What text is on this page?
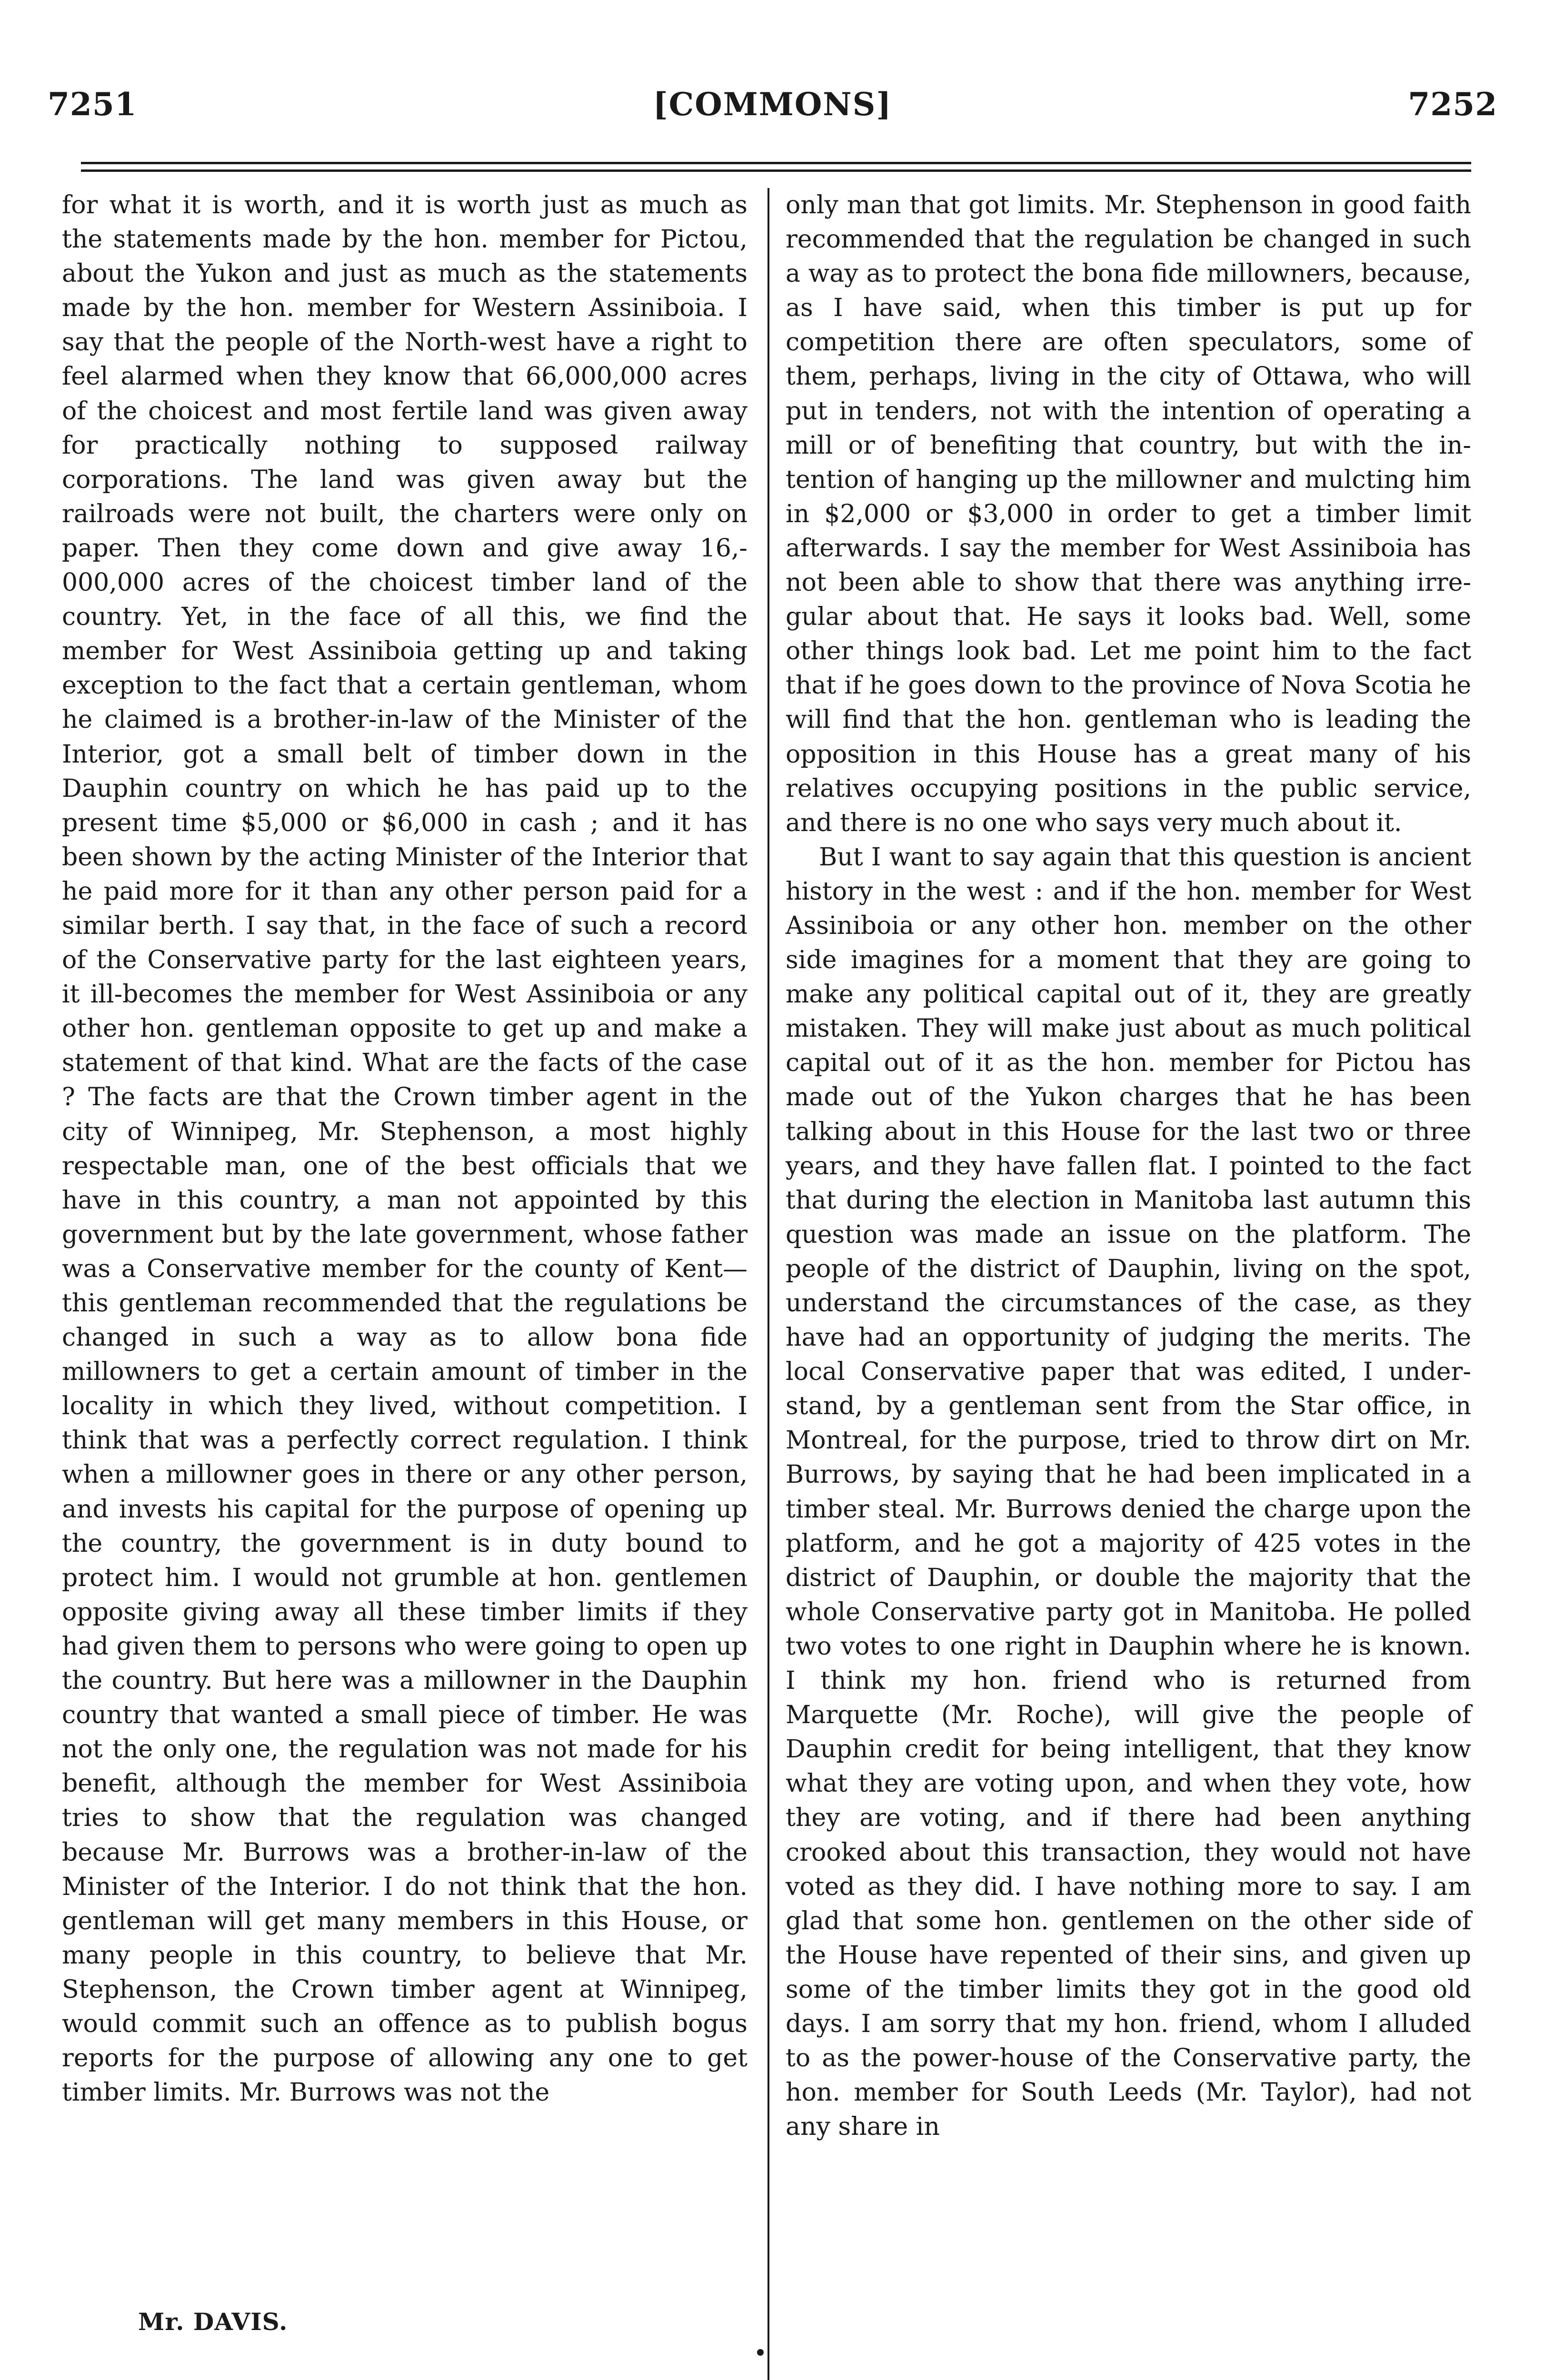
7251	[COMMONS]	7252

for what it is worth, and it is worth just as much as the statements made by the hon. member for Pictou, about the Yukon and just as much as the statements made by the hon. member for Western Assiniboia. I say that the people of the North-west have a right to feel alarmed when they know that 66,000,000 acres of the choicest and most fertile land was given away for practically nothing to supposed railway corporations. The land was given away but the railroads were not built, the charters were only on paper. Then they come down and give away 16,000,000 acres of the choicest timber land of the country. Yet, in the face of all this, we find the member for West Assiniboia getting up and taking exception to the fact that a certain gentleman, whom he claimed is a brother-in-law of the Minister of the Interior, got a small belt of timber down in the Dauphin country on which he has paid up to the present time $5,000 or $6,000 in cash ; and it has been shown by the acting Minister of the Interior that he paid more for it than any other person paid for a similar berth. I say that, in the face of such a record of the Conservative party for the last eighteen years, it ill-becomes the member for West Assiniboia or any other hon. gentleman opposite to get up and make a statement of that kind. What are the facts of the case ? The facts are that the Crown timber agent in the city of Winnipeg, Mr. Stephenson, a most highly respectable man, one of the best officials that we have in this country, a man not appointed by this government but by the late government, whose father was a Conservative member for the county of Kent—this gentleman recommended that the regulations be changed in such a way as to allow bona fide millowners to get a certain amount of timber in the locality in which they lived, without competition. I think that was a perfectly correct regulation. I think when a millowner goes in there or any other person, and invests his capital for the purpose of opening up the country, the government is in duty bound to protect him. I would not grumble at hon. gentlemen opposite giving away all these timber limits if they had given them to persons who were going to open up the country. But here was a millowner in the Dauphin country that wanted a small piece of timber. He was not the only one, the regulation was not made for his benefit, although the member for West Assiniboia tries to show that the regulation was changed because Mr. Burrows was a brother-in-law of the Minister of the Interior. I do not think that the hon. gentleman will get many members in this House, or many people in this country, to believe that Mr. Stephenson, the Crown timber agent at Winnipeg, would commit such an offence as to publish bogus reports for the purpose of allowing any one to get timber limits. Mr. Burrows was not the

only man that got limits. Mr. Stephenson in good faith recommended that the regulation be changed in such a way as to protect the bona fide millowners, because, as I have said, when this timber is put up for competition there are often speculators, some of them, perhaps, living in the city of Ottawa, who will put in tenders, not with the intention of operating a mill or of benefiting that country, but with the intention of hanging up the millowner and mulcting him in $2,000 or $3,000 in order to get a timber limit afterwards. I say the member for West Assiniboia has not been able to show that there was anything irregular about that. He says it looks bad. Well, some other things look bad. Let me point him to the fact that if he goes down to the province of Nova Scotia he will find that the hon. gentleman who is leading the opposition in this House has a great many of his relatives occupying positions in the public service, and there is no one who says very much about it.

But I want to say again that this question is ancient history in the west : and if the hon. member for West Assiniboia or any other hon. member on the other side imagines for a moment that they are going to make any political capital out of it, they are greatly mistaken. They will make just about as much political capital out of it as the hon. member for Pictou has made out of the Yukon charges that he has been talking about in this House for the last two or three years, and they have fallen flat. I pointed to the fact that during the election in Manitoba last autumn this question was made an issue on the platform. The people of the district of Dauphin, living on the spot, understand the circumstances of the case, as they have had an opportunity of judging the merits. The local Conservative paper that was edited, I understand, by a gentleman sent from the Star office, in Montreal, for the purpose, tried to throw dirt on Mr. Burrows, by saying that he had been implicated in a timber steal. Mr. Burrows denied the charge upon the platform, and he got a majority of 425 votes in the district of Dauphin, or double the majority that the whole Conservative party got in Manitoba. He polled two votes to one right in Dauphin where he is known. I think my hon. friend who is returned from Marquette (Mr. Roche), will give the people of Dauphin credit for being intelligent, that they know what they are voting upon, and when they vote, how they are voting, and if there had been anything crooked about this transaction, they would not have voted as they did. I have nothing more to say. I am glad that some hon. gentlemen on the other side of the House have repented of their sins, and given up some of the timber limits they got in the good old days. I am sorry that my hon. friend, whom I alluded to as the power-house of the Conservative party, the hon. member for South Leeds (Mr. Taylor), had not any share in

Mr. DAVIS.
